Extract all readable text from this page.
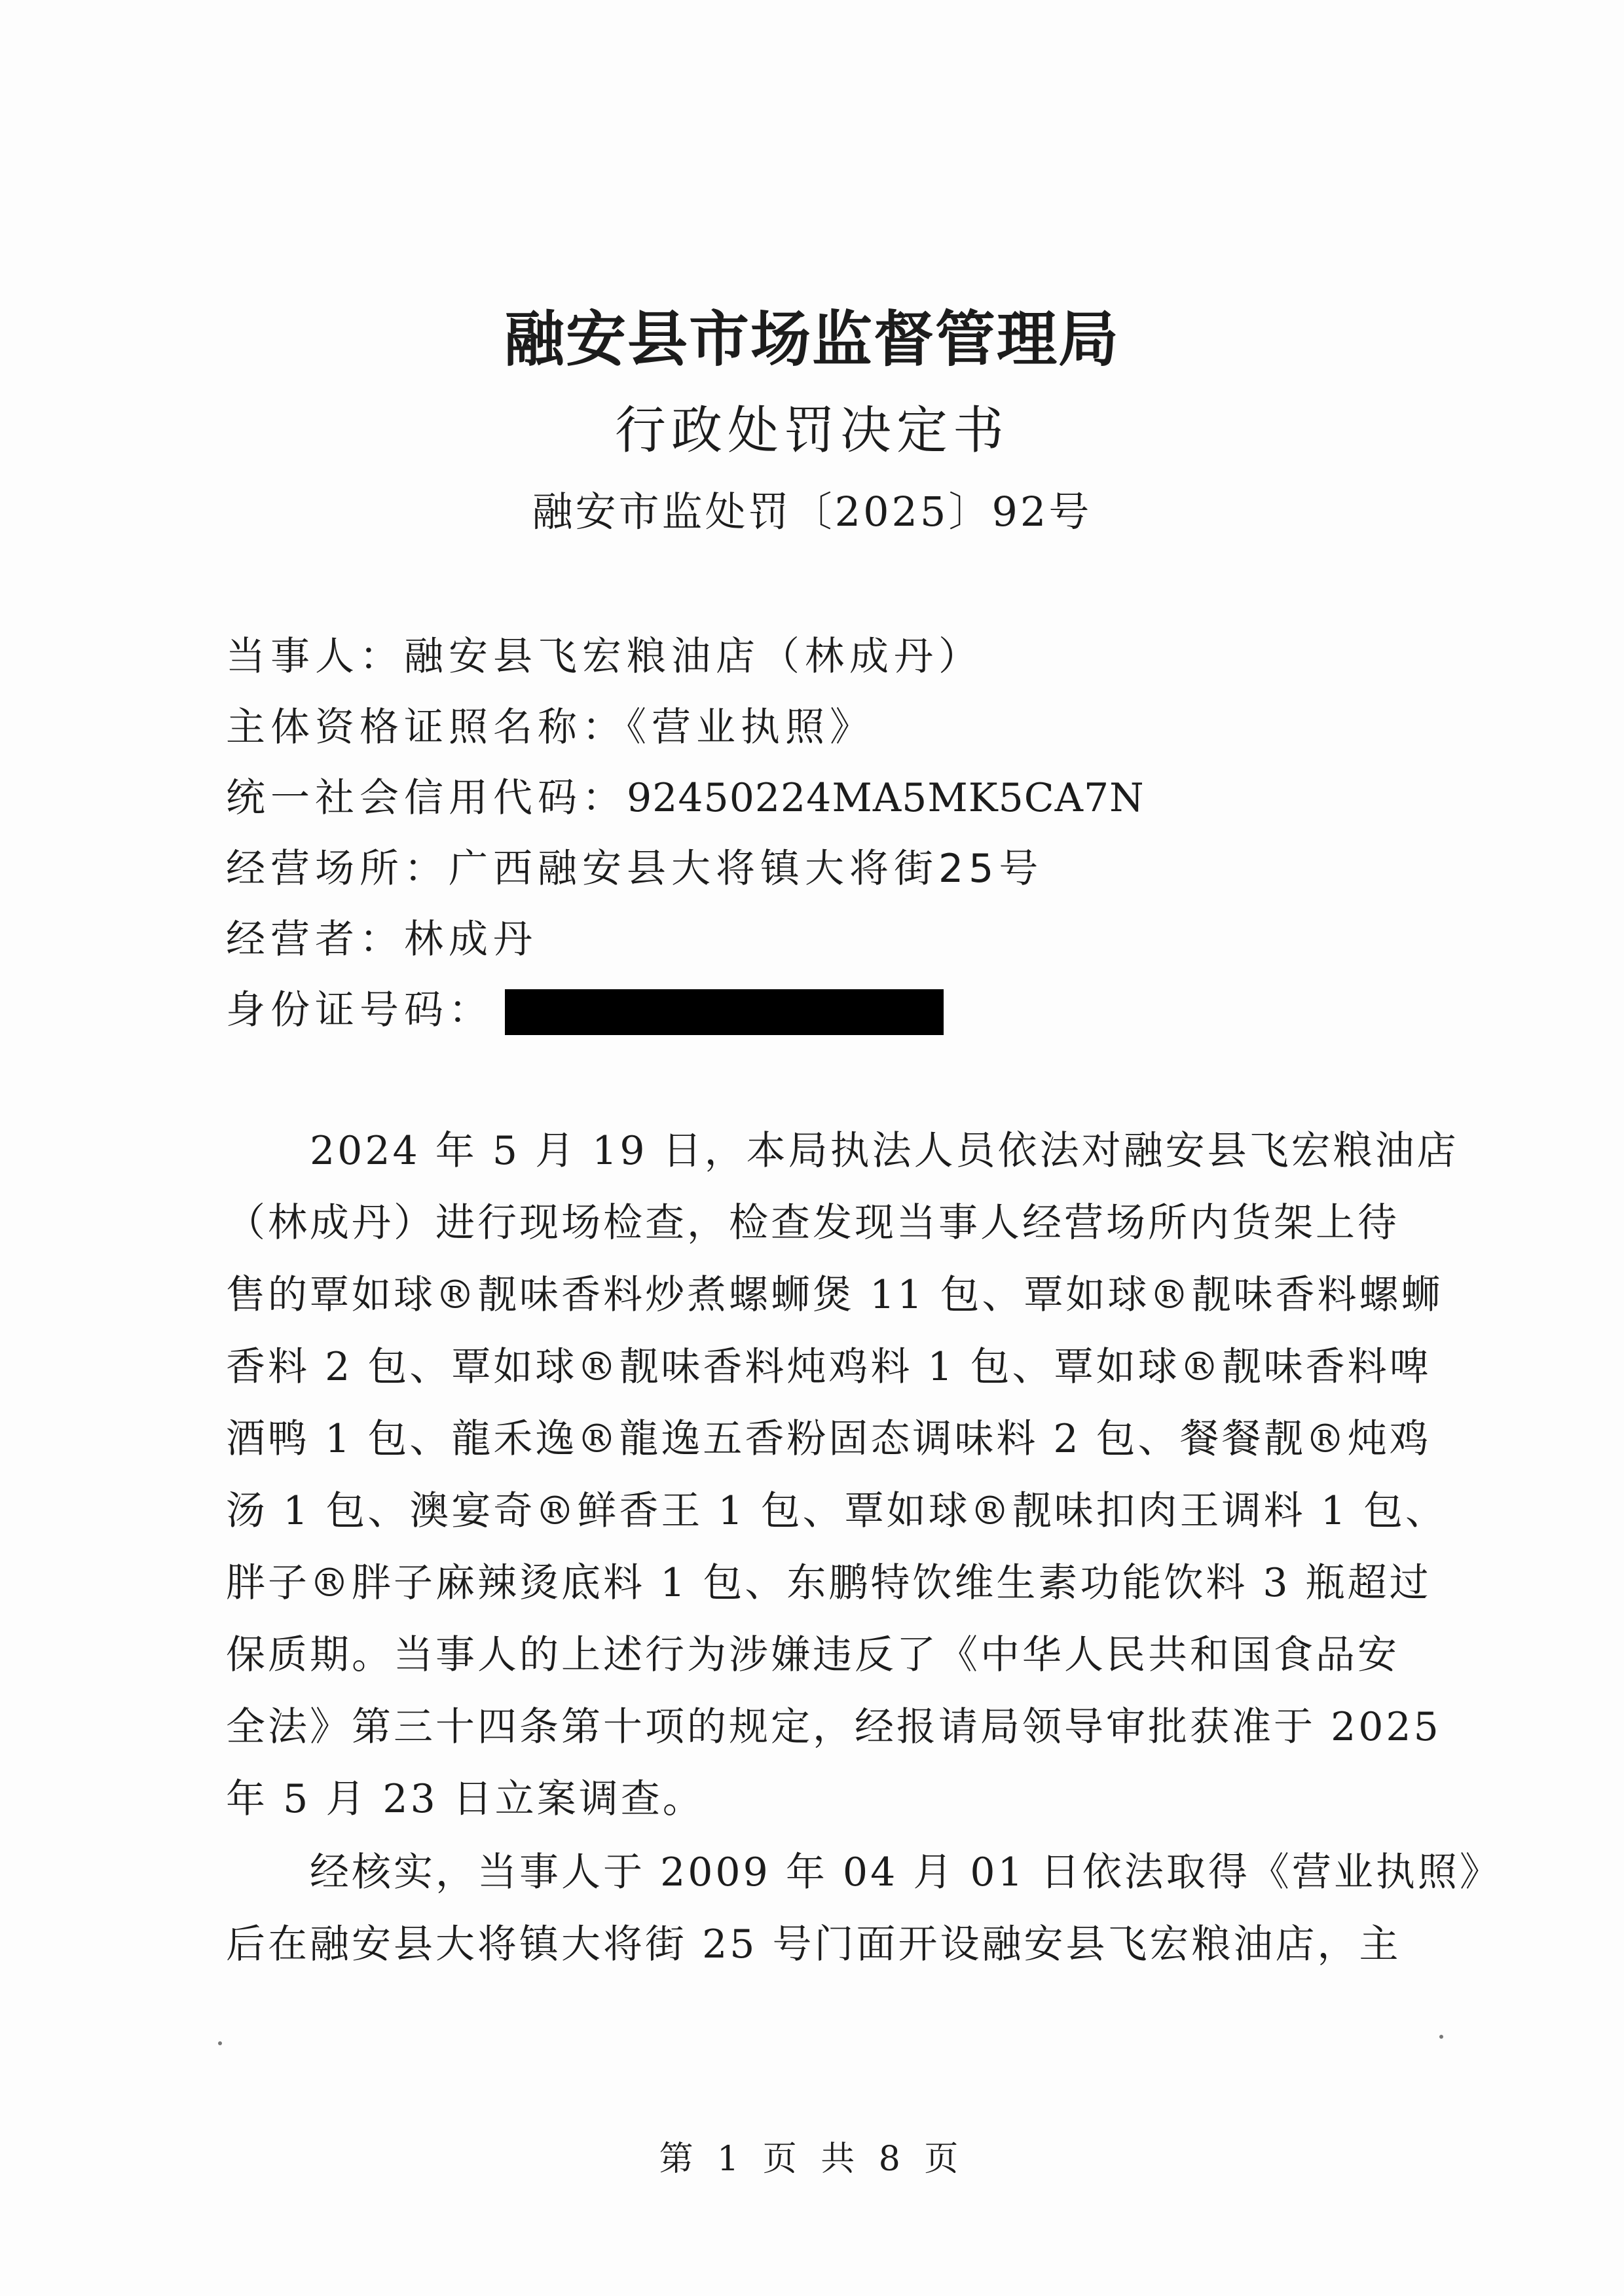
融安县市场监督管理局
行政处罚决定书
融安市监处罚〔2025〕92号
当事人：融安县飞宏粮油店（林成丹）
主体资格证照名称：《营业执照》
统一社会信用代码：92450224MA5MK5CA7N
经营场所：广西融安县大将镇大将街25号
经营者：林成丹
身份证号码：
2024 年 5 月 19 日，本局执法人员依法对融安县飞宏粮油店
（林成丹）进行现场检查，检查发现当事人经营场所内货架上待
售的覃如球®靓味香料炒煮螺蛳煲 11 包、覃如球®靓味香料螺蛳
香料 2 包、覃如球®靓味香料炖鸡料 1 包、覃如球®靓味香料啤
酒鸭 1 包、龍禾逸®龍逸五香粉固态调味料 2 包、餐餐靓®炖鸡
汤 1 包、澳宴奇®鲜香王 1 包、覃如球®靓味扣肉王调料 1 包、
胖子®胖子麻辣烫底料 1 包、东鹏特饮维生素功能饮料 3 瓶超过
保质期。当事人的上述行为涉嫌违反了《中华人民共和国食品安
全法》第三十四条第十项的规定，经报请局领导审批获准于 2025
年 5 月 23 日立案调查。
经核实，当事人于 2009 年 04 月 01 日依法取得《营业执照》
后在融安县大将镇大将街 25 号门面开设融安县飞宏粮油店，主
第 1 页 共 8 页
